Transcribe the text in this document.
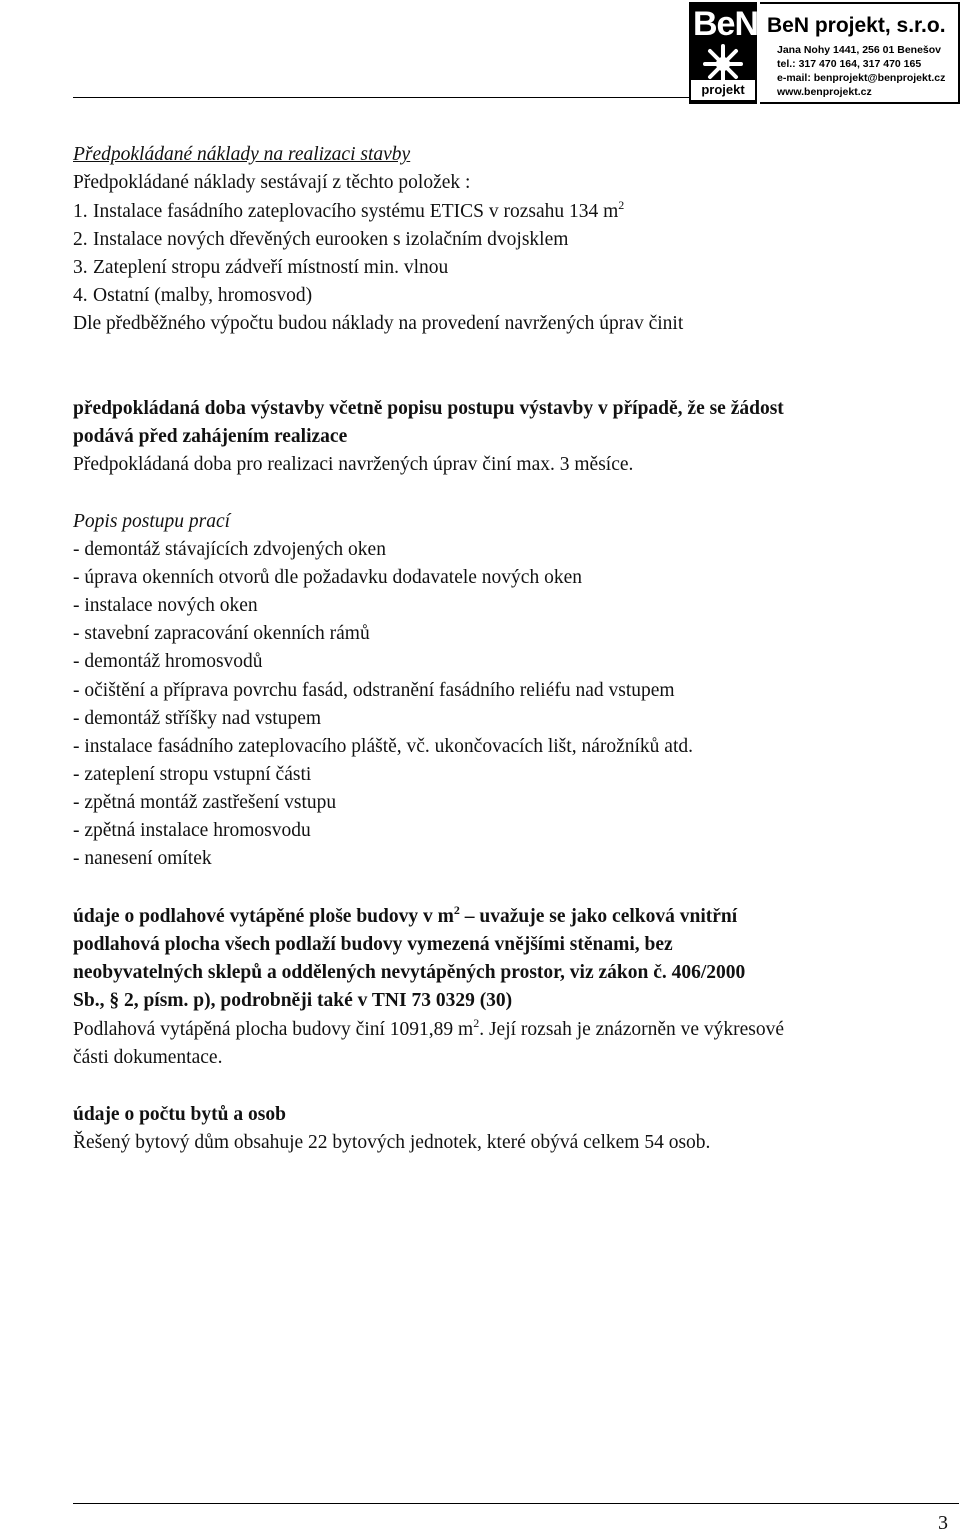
BeN
projekt
BeN projekt, s.r.o.
Jana Nohy 1441, 256 01 Benešov
tel.: 317 470 164, 317 470 165
e-mail: benprojekt@benprojekt.cz
www.benprojekt.cz
Předpokládané náklady na realizaci stavby
Předpokládané náklady sestávají z těchto položek :
1. Instalace fasádního zateplovacího systému ETICS v rozsahu 134 $m^2$
2. Instalace nových dřevěných eurooken s izolačním dvojsklem
3. Zateplení stropu zádveří místností min. vlnou
4. Ostatní (malby, hromosvod)
Dle předběžného výpočtu budou náklady na provedení navržených úprav činit
předpokládaná doba výstavby včetně popisu postupu výstavby v případě, že se žádost
podává před zahájením realizace
Předpokládaná doba pro realizaci navržených úprav činí max. 3 měsíce.
Popis postupu prací
- demontáž stávajících zdvojených oken
- úprava okenních otvorů dle požadavku dodavatele nových oken
- instalace nových oken
- stavební zapracování okenních rámů
- demontáž hromosvodů
- očištění a příprava povrchu fasád, odstranění fasádního reliéfu nad vstupem
- demontáž stříšky nad vstupem
- instalace fasádního zateplovacího pláště, vč. ukončovacích lišt, nárožníků atd.
- zateplení stropu vstupní části
- zpětná montáž zastřešení vstupu
- zpětná instalace hromosvodu
- nanesení omítek
údaje o podlahové vytápěné ploše budovy v $m^2$ – uvažuje se jako celková vnitřní
podlahová plocha všech podlaží budovy vymezená vnějšími stěnami, bez
neobyvatelných sklepů a oddělených nevytápěných prostor, viz zákon č. 406/2000
Sb., § 2, písm. p), podrobněji také v TNI 73 0329 (30)
Podlahová vytápěná plocha budovy činí 1091,89 $m^2$. Její rozsah je znázorněn ve výkresové
části dokumentace.
údaje o počtu bytů a osob
Řešený bytový dům obsahuje 22 bytových jednotek, které obývá celkem 54 osob.
3
